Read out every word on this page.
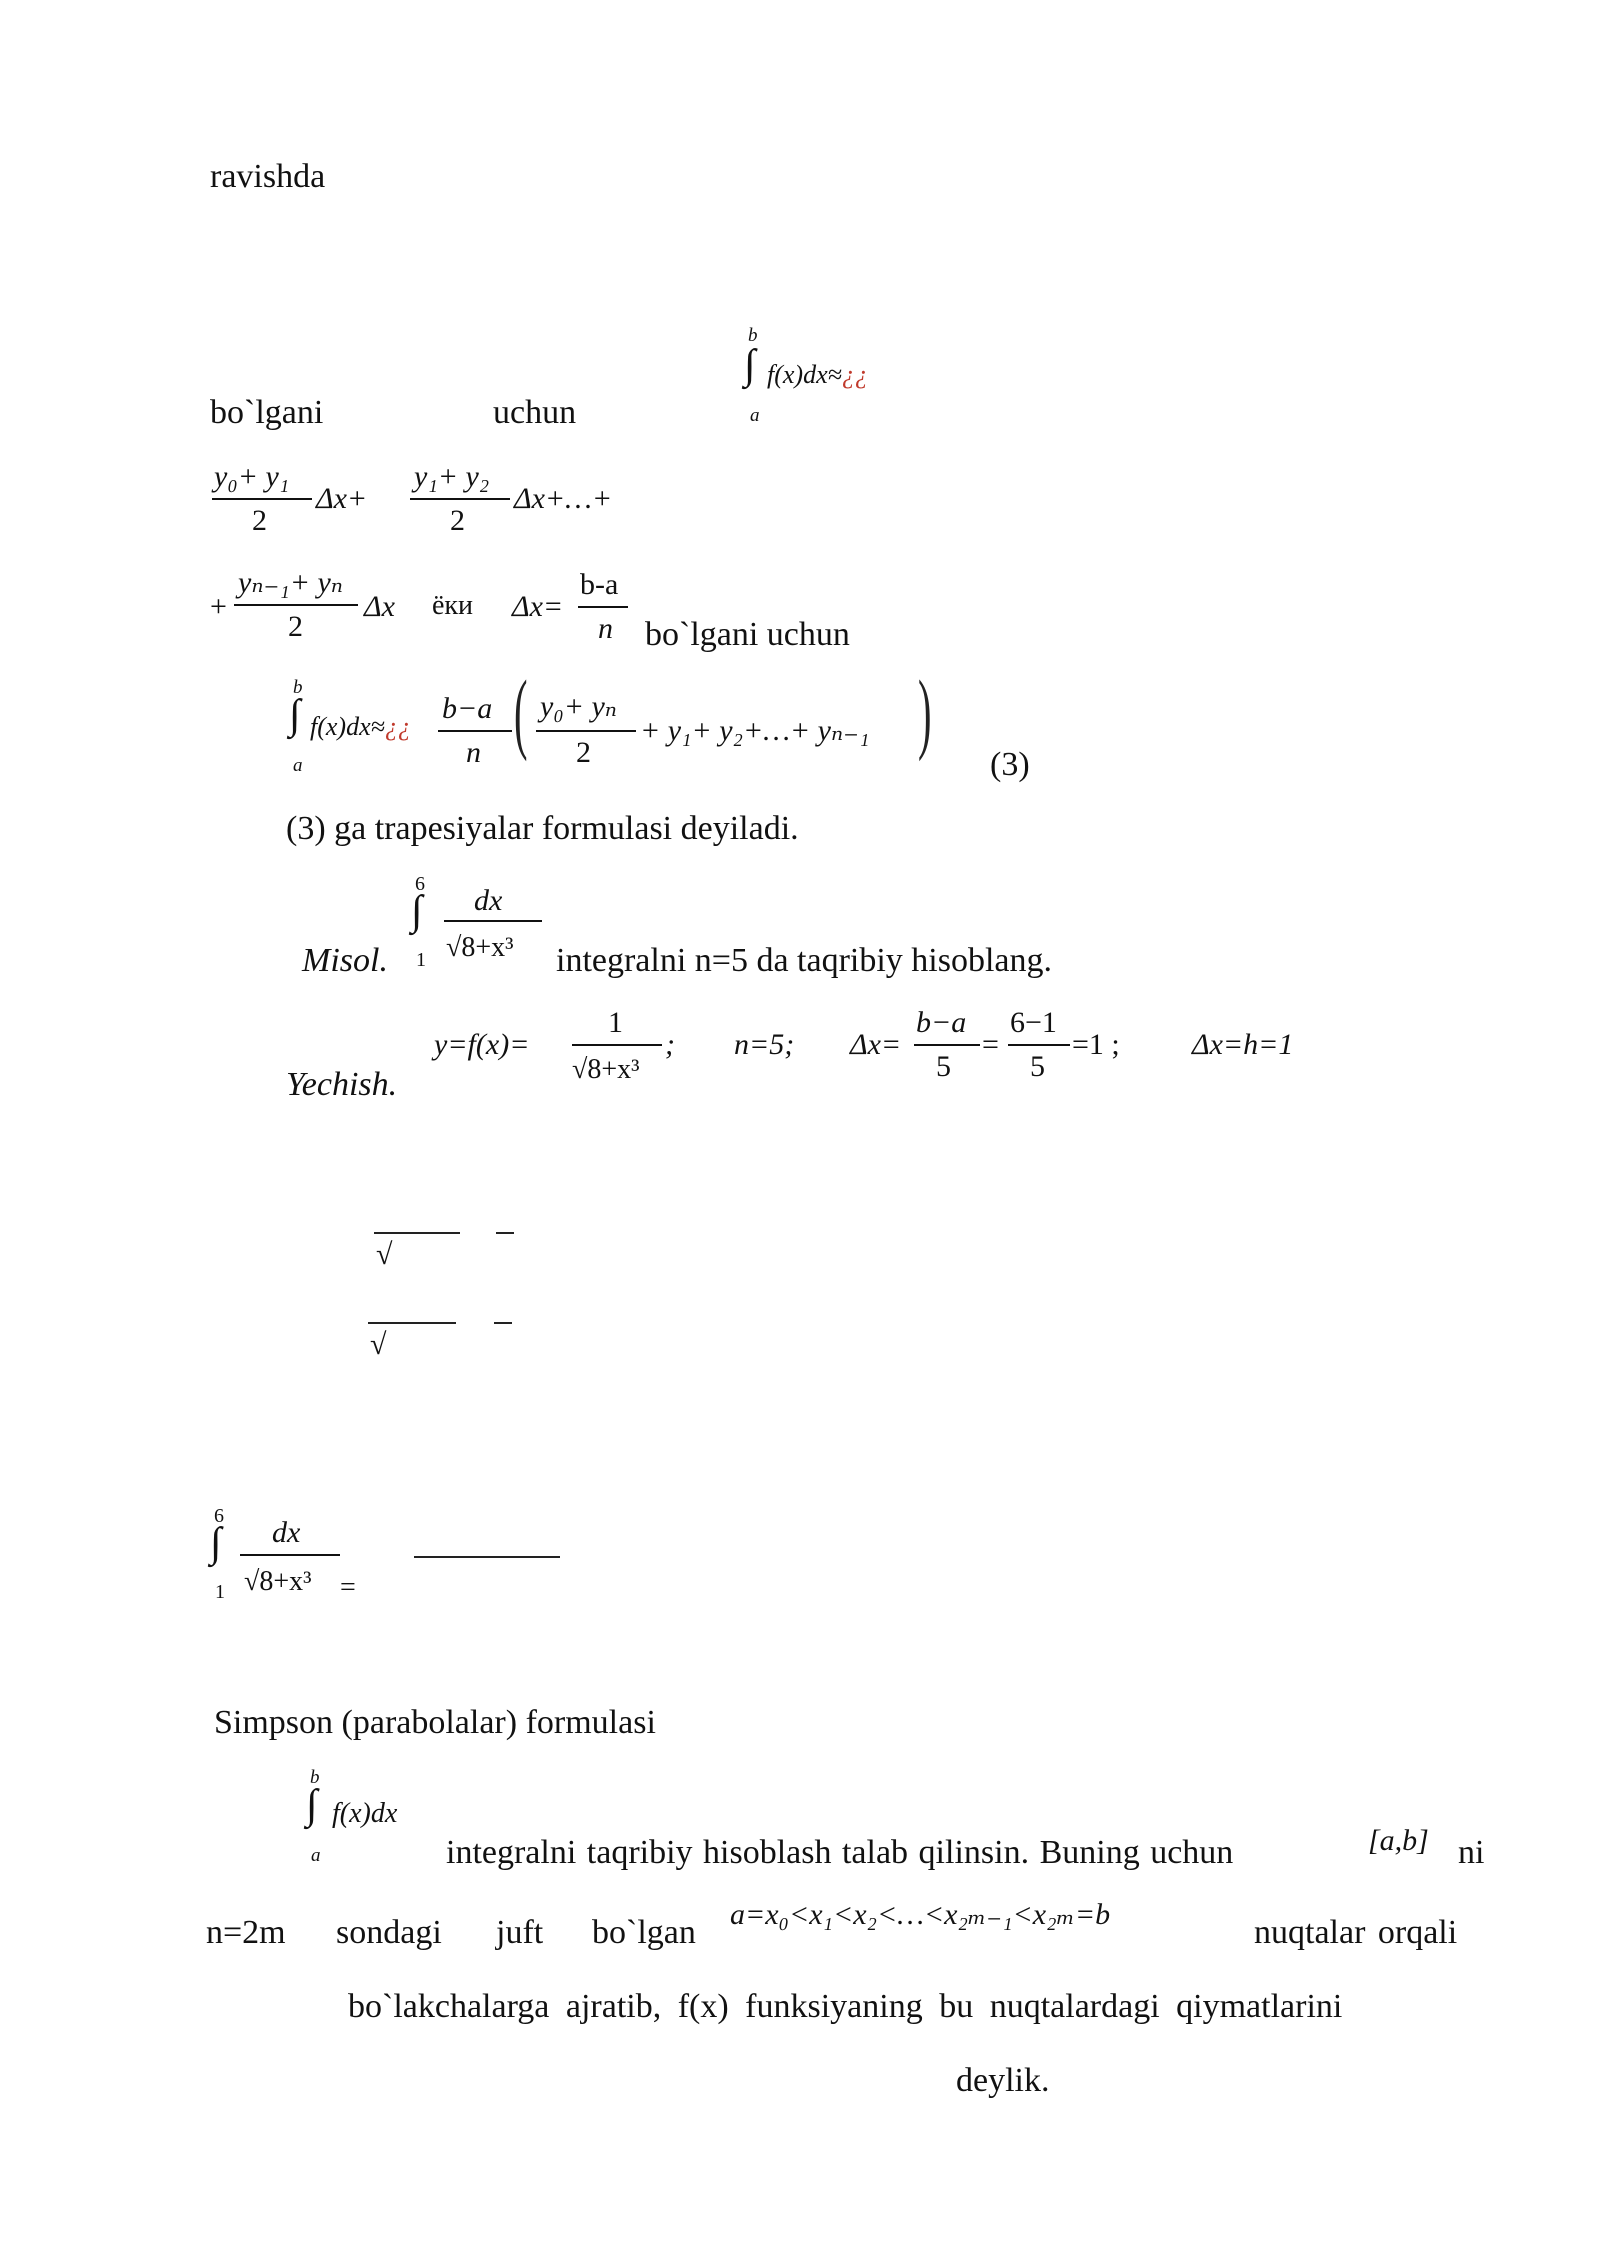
ravishda
bo`lgani	uchun
b
∫
a
f(x)dx≈¿¿
y₀+ y₁
2
Δx+
y₁+ y₂
2
Δx+…+
+
yₙ₋₁+ yₙ
2
Δx ёки Δx=
b-a
n bo`lgani uchun
b
∫
a
f(x)dx≈¿¿
b−a
n ( y₀+ yₙ
2
+ y₁+ y₂+…+ yₙ₋₁ )
(3)
(3) ga trapesiyalar formulasi deyiladi.
6
∫
1
dx
√8+x³
Misol.	integralni n=5 da taqribiy hisoblang.
y=f(x)=
1
√8+x³
; n=5; Δx=
b−a
5
=
6−1
5
=1 ; Δx=h=1
Yechish.
√
√
6
∫
1
dx
√8+x³ =
Simpson (parabolalar) formulasi
b
∫
a
f(x)dx
integralni taqribiy hisoblash talab qilinsin. Buning uchun	[a,b] ni
n=2m sondagi juft bo`lgan a=x₀<x₁<x₂<…<x₂ₘ₋₁<x₂ₘ=b	nuqtalar orqali
bo`lakchalarga ajratib, f(x) funksiyaning bu nuqtalardagi qiymatlarini
deylik.
